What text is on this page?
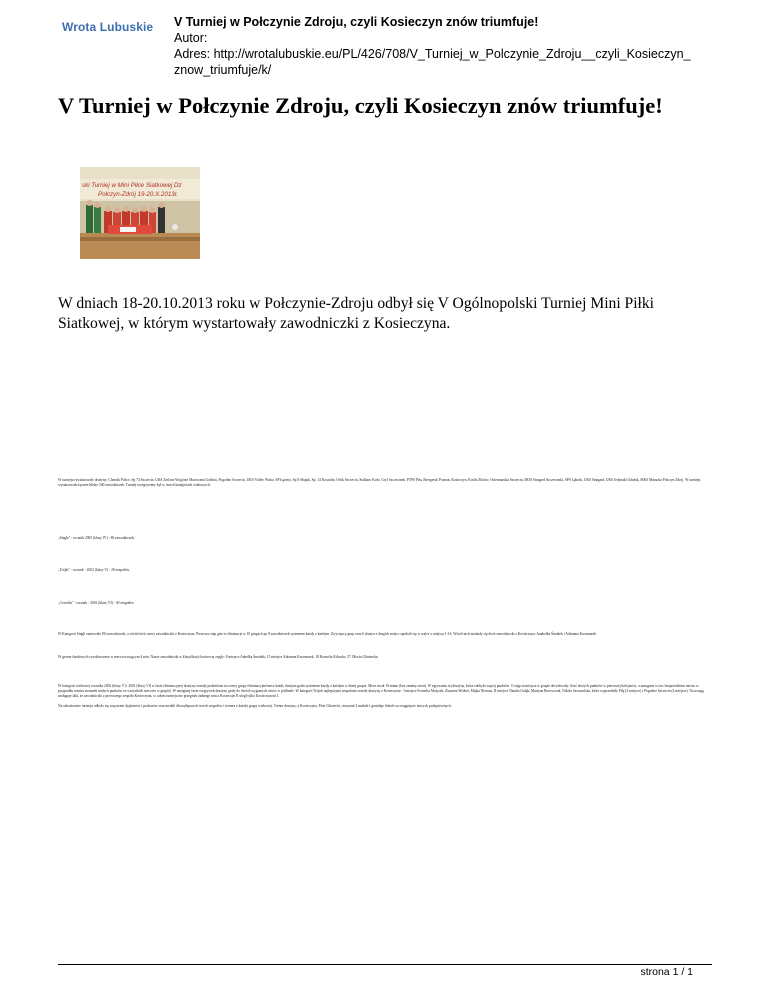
Wrota Lubuskie V Turniej w Połczynie Zdroju, czyli Kosieczyn znów triumfuje!
Autor:
Adres: http://wrotalubuskie.eu/PL/426/708/V_Turniej_w_Polczynie_Zdroju__czyli_Kosieczyn_
znow_triumfuje/k/
V Turniej w Połczynie Zdroju, czyli Kosieczyn znów triumfuje!
ski Turniej w Mini Piłce Siatkowej Dz
Połczyn-Zdrój 19-20.X.2013r.
W dniach 18-20.10.2013 roku w Połczynie-Zdroju odbył się V Ogólnopolski Turniej Mini Piłki Siatkowej, w którym wystartowały zawodniczki z Kosieczyna.
W turnieju rywalizowały drużyny: Chemik Police, Sp 74 Szczecin, UKS Zielone Wzgórze Murowana Goślina, Pogodno Szczecin, UKS Volley Wałcz, SP Łężeno, Sp 8 Słupsk, Sp. 14 Koszalin, Orlik Szczecin, Stalkaro Koło, Gryf Szczecinek, PTPS Piła, Energetyk Poznań, Kosieczyn, Kotlin Złotów, Osiemnastka Szczecin, MOS Stargard Szczecinski, SPS Lębork, UKS Stargard, UKS Jedynaki Gdańsk, MKS Mazurka Połczyn Zdrój. W turnieju wystartowało łącznie blisko 500 zawodniczek. Turniej rozegrywany był w trzech kategoriach wiekowych:
„Singlе" - rocznik 2003 (klasy IV) - 80 zawodniczek,
„Trójki" - rocznik - 2002 (klasy V) - 28 zespołów,
„Czwórki" - rocznik - 2001 (klasy VI) - 20 zespołów
W Kategorii Singli startowało 80 zawodniczek, a wśród nich cztery zawodniczki z Kosieczyna. Pierwszy etap gier to eliminacje w 10 grupach po 8 zawodniczek systemem każdy z każdym. Zwycięzcy grup oraz 6 drużyn z drugich miejsc spotkali się w walce o miejsca 1-16. Wśród nich znalazły się dwie zawodniczki z Kosieczyna: Anabelka Śmiałek i Adrianna Kaczmarek.
W gronie finałowych rywalizowano w meczu trwającym 4 min. Nasze zawodniczki w klasyfikacji końcowej zajęły: 8 miejsce Anbelka Śmiałek, 15 miejsce Adrianna Kaczmarek, 18 Kornelia Kikosko, 57 Oliwia Glinierska.
W kategorii wiekowej rocznika 2002 (klasy V) i 2001 (klasy VI) w fazie eliminacyjnej drużyny zostały podzielone na cztery grupy eliminacyjne/mecz każdy drużyna grała systemem każdy z każdym w danej grupie. Mecz trwał 10 minut (bez zmiany stron). W zgrywaniu tej drużyny, która zdobyła więcej punktów. O zajęciu miejsca w grupie decydowały: ilość złożych punktów w pierwszej kolejności, a następnie w tzw bezpośrednim meczu w przypadku remisu stosunek małych punktów ze wszystkich meczów w grupie). W następnej fazie rozgrywek drużyny grały do dwóch wygranych setów w półfinale. W kategorii Trójek najlepszymi zespołami zostały drużyny z Kosieczyna - I miejsce Kornelia Maiçzek, Zuzanna Wróbel, Majka Nieroza, II miejsce Natalia Gołąb, Martyna Borowczak, Nikola Szczurelska, które wyprzedziły Piłę (3 miejsce) i Pogodno Szczecin (4 miejsce). Na uwagę zasługuje fakt, że zawodniczki z pierwszego zespołu Kosieczyna, w całym turnieju nie przegrały żadnego seta a Kosieczyn II uległ tylko Kosieczynowi I.
Na zakończenie turnieju odbyło się wręczenie dyplomów i pucharów oraz medali dla najlepszych trzech zespołów i trenera z każdej grupy wiekowej. Trener drużyny, z Kosieczyna, Piotr Gliniecki, otrzymał 2 medale i gratuluje Szkole za osiągnięcie nowych podopiecznych.
strona 1 / 1
